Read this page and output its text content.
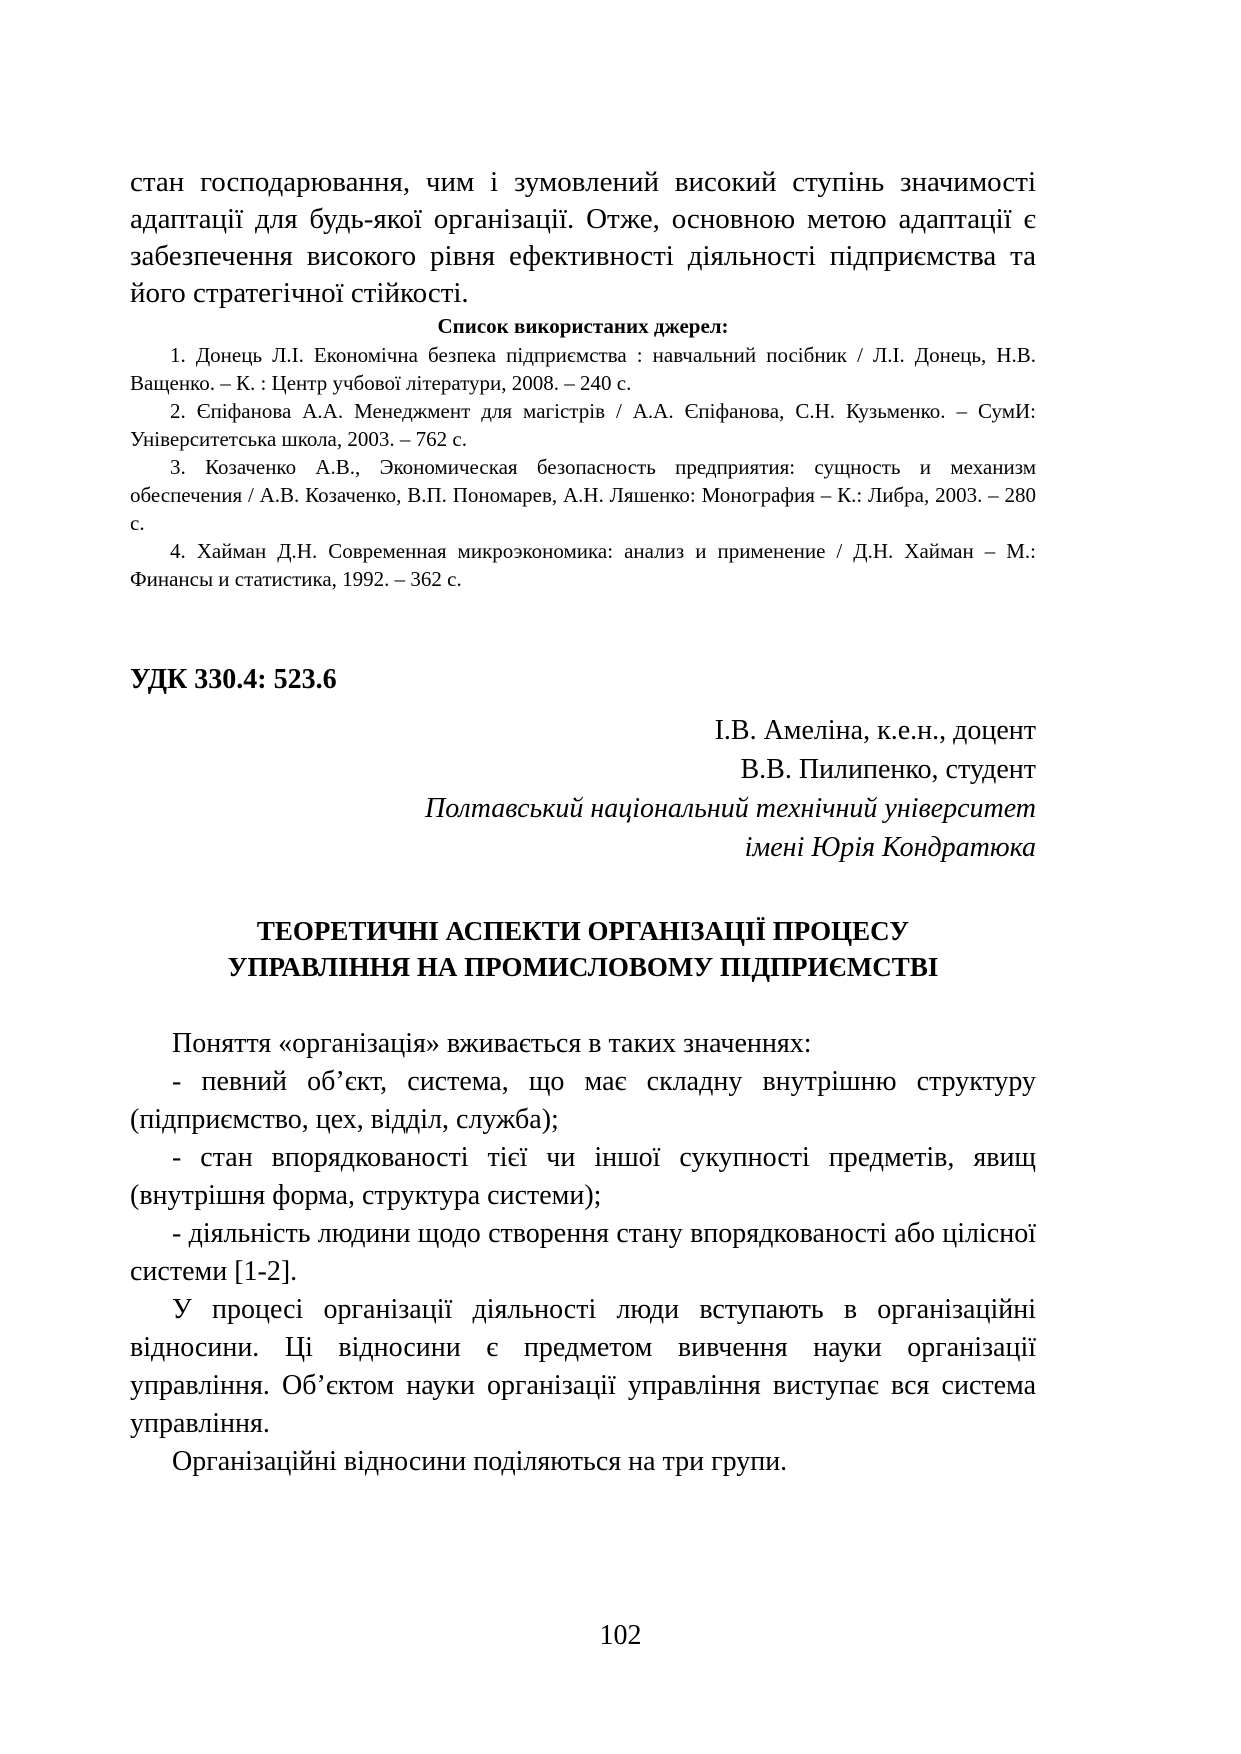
стан господарювання, чим і зумовлений високий ступінь значимості адаптації для будь-якої організації. Отже, основною метою адаптації є забезпечення високого рівня ефективності діяльності підприємства та його стратегічної стійкості.

Список використаних джерел:

1. Донець Л.І. Економічна безпека підприємства : навчальний посібник / Л.І. Донець, Н.В. Ващенко. – К. : Центр учбової літератури, 2008. – 240 с.

2. Єпіфанова А.А. Менеджмент для магістрів / А.А. Єпіфанова, С.Н. Кузьменко. – СумИ: Університетська школа, 2003. – 762 с.

3. Козаченко А.В., Экономическая безопасность предприятия: сущность и механизм обеспечения / А.В. Козаченко, В.П. Пономарев, А.Н. Ляшенко: Монография – К.: Либра, 2003. – 280 с.

4. Хайман Д.Н. Современная микроэкономика: анализ и применение / Д.Н. Хайман – М.: Финансы и статистика, 1992. – 362 с.

УДК 330.4: 523.6

І.В. Амеліна, к.е.н., доцент

В.В. Пилипенко, студент

Полтавський національний технічний університет

імені Юрія Кондратюка

ТЕОРЕТИЧНІ АСПЕКТИ ОРГАНІЗАЦІЇ ПРОЦЕСУ
УПРАВЛІННЯ НА ПРОМИСЛОВОМУ ПІДПРИЄМСТВІ

Поняття «організація» вживається в таких значеннях:

- певний об’єкт, система, що має складну внутрішню структуру (підприємство, цех, відділ, служба);

- стан впорядкованості тієї чи іншої сукупності предметів, явищ (внутрішня форма, структура системи);

- діяльність людини щодо створення стану впорядкованості або цілісної системи [1-2].

У процесі організації діяльності люди вступають в організаційні відносини. Ці відносини є предметом вивчення науки організації управління. Об’єктом науки організації управління виступає вся система управління.

Організаційні відносини поділяються на три групи.

102
